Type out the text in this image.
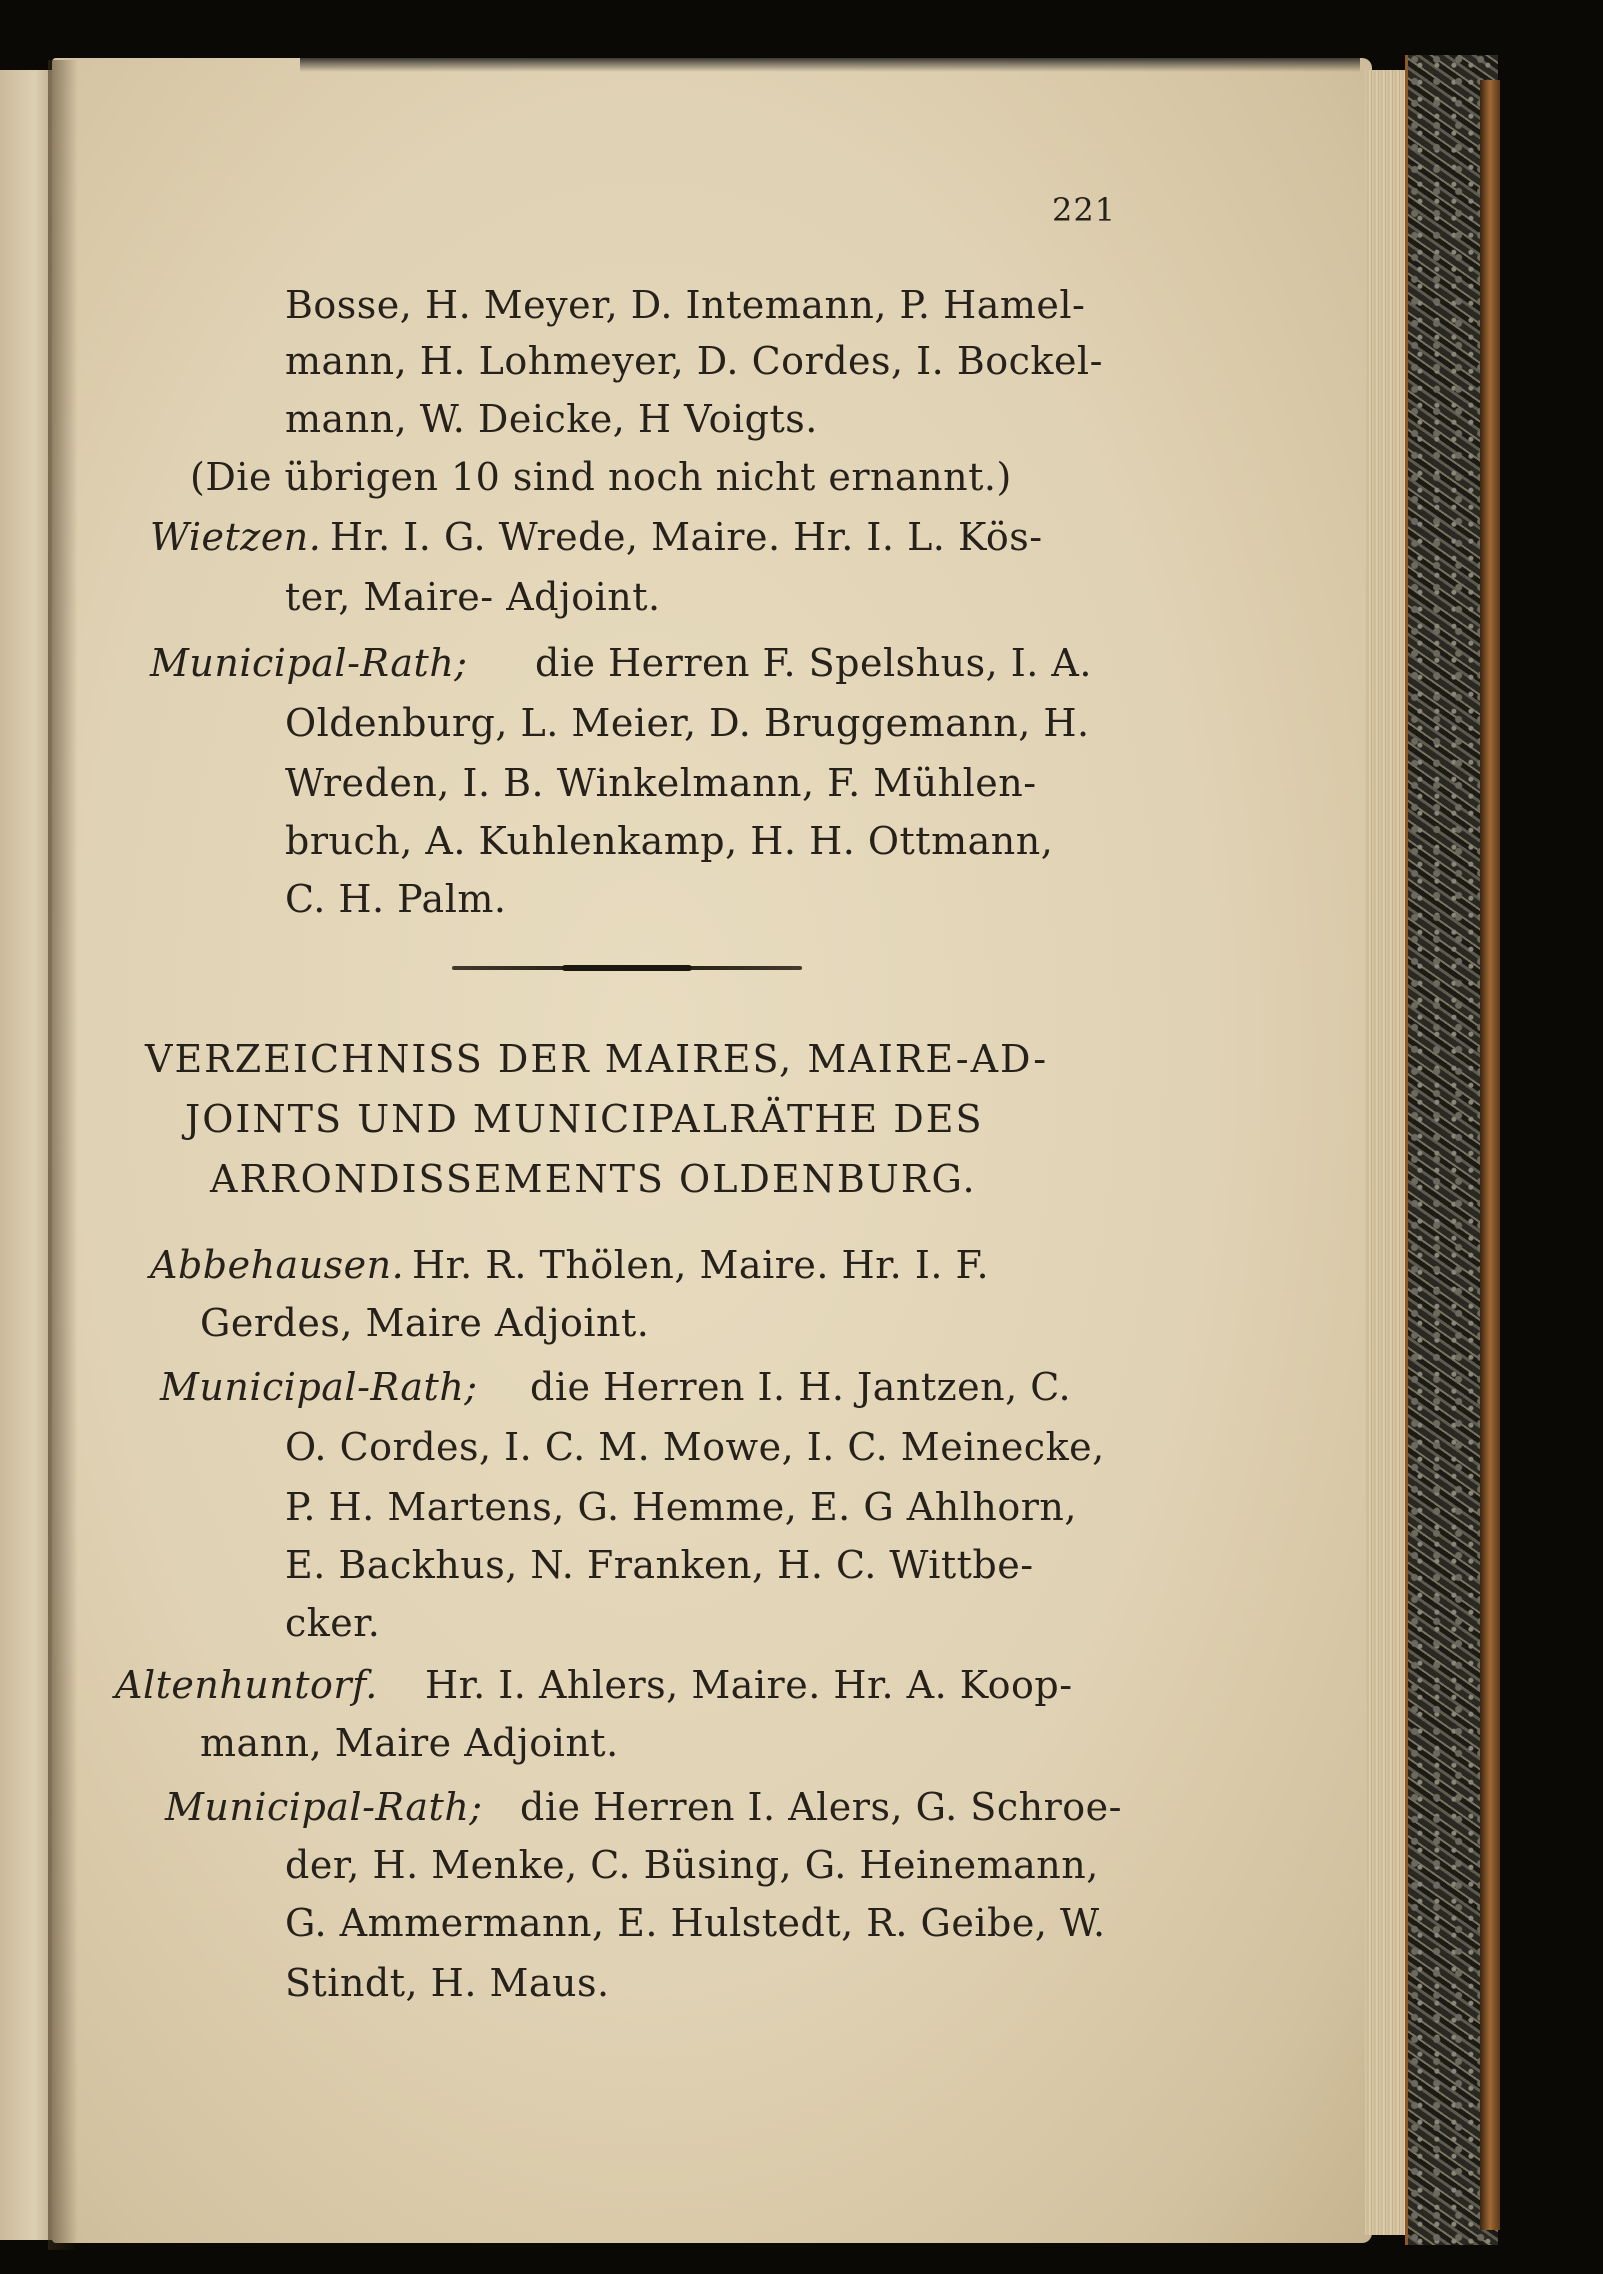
221
Bosse, H. Meyer, D. Intemann, P. Hamel-
mann, H. Lohmeyer, D. Cordes, I. Bockel-
mann, W. Deicke, H Voigts.
(Die übrigen 10 sind noch nicht ernannt.)
Wietzen. Hr. I. G. Wrede, Maire. Hr. I. L. Kös-
ter, Maire- Adjoint.
Municipal-Rath; die Herren F. Spelshus, I. A.
Oldenburg, L. Meier, D. Bruggemann, H.
Wreden, I. B. Winkelmann, F. Mühlen-
bruch, A. Kuhlenkamp, H. H. Ottmann,
C. H. Palm.
VERZEICHNISS DER MAIRES, MAIRE-AD-
JOINTS UND MUNICIPALRÄTHE DES
ARRONDISSEMENTS OLDENBURG.
Abbehausen. Hr. R. Thölen, Maire. Hr. I. F.
Gerdes, Maire Adjoint.
Municipal-Rath; die Herren I. H. Jantzen, C.
O. Cordes, I. C. M. Mowe, I. C. Meinecke,
P. H. Martens, G. Hemme, E. G Ahlhorn,
E. Backhus, N. Franken, H. C. Wittbe-
cker.
Altenhuntorf. Hr. I. Ahlers, Maire. Hr. A. Koop-
mann, Maire Adjoint.
Municipal-Rath; die Herren I. Alers, G. Schroe-
der, H. Menke, C. Büsing, G. Heinemann,
G. Ammermann, E. Hulstedt, R. Geibe, W.
Stindt, H. Maus.
